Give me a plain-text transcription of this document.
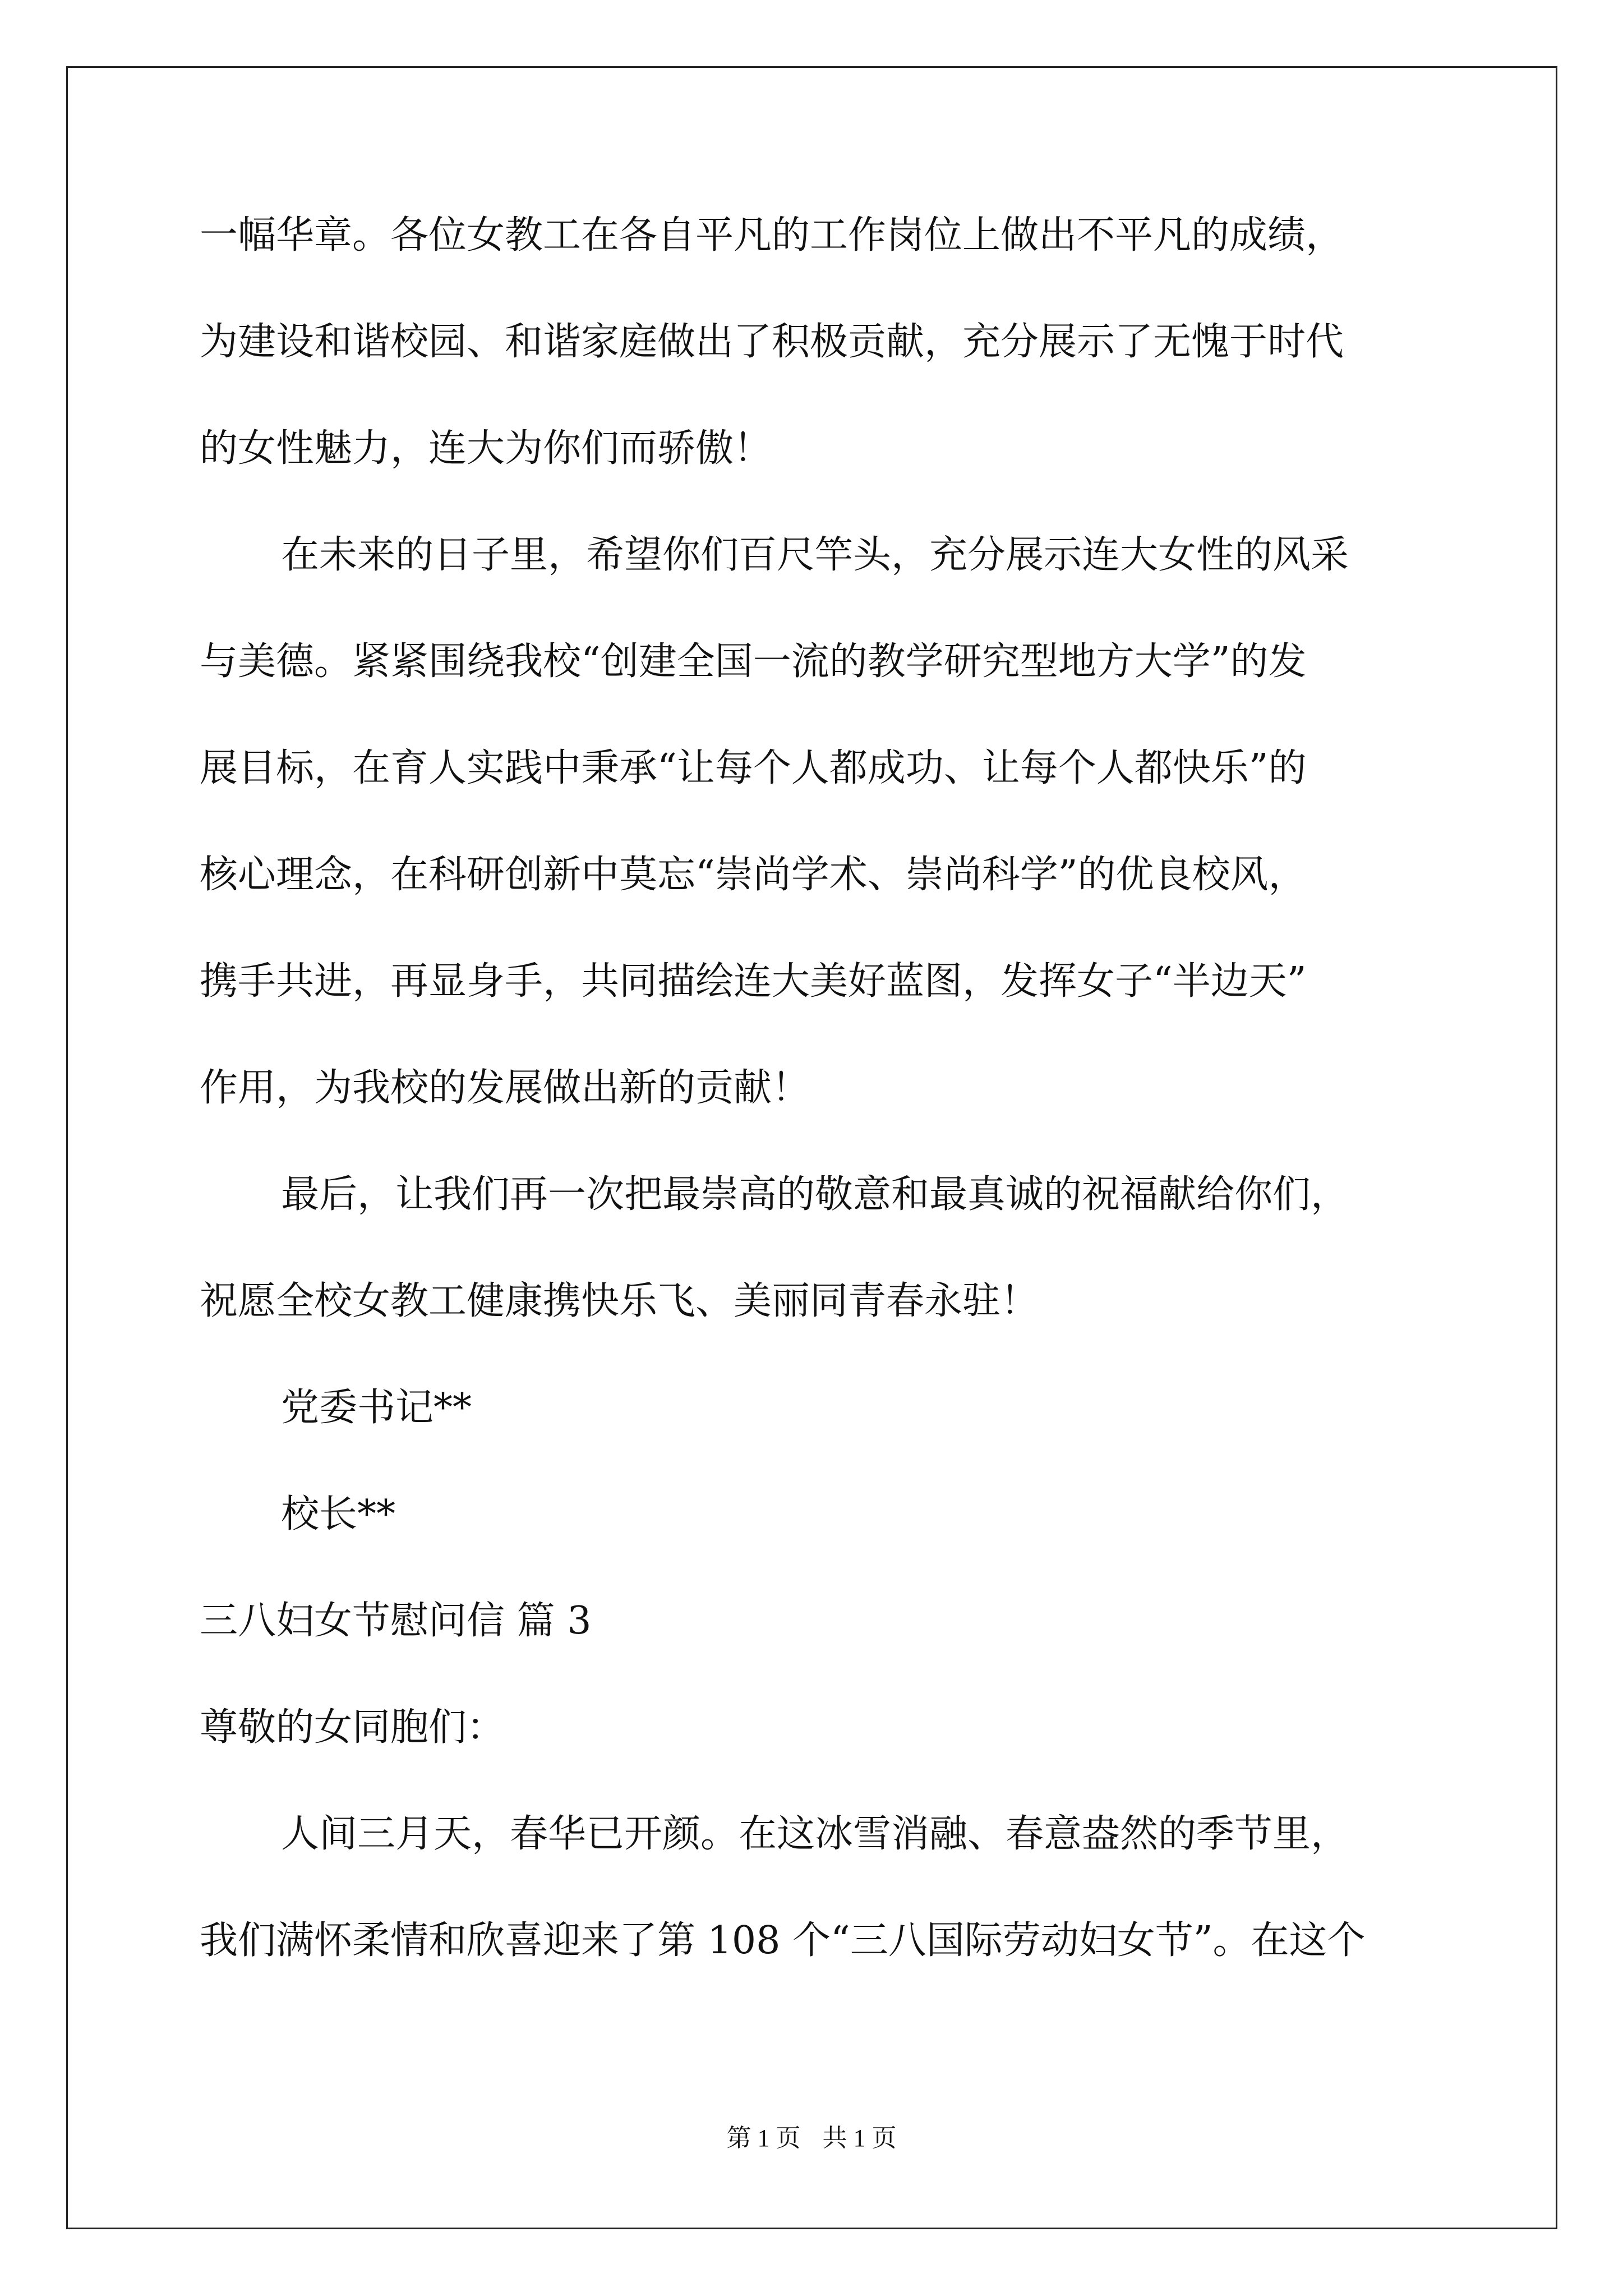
一幅华章。各位女教工在各自平凡的工作岗位上做出不平凡的成绩，
为建设和谐校园、和谐家庭做出了积极贡献，充分展示了无愧于时代
的女性魅力，连大为你们而骄傲！
在未来的日子里，希望你们百尺竿头，充分展示连大女性的风采
与美德。紧紧围绕我校“创建全国一流的教学研究型地方大学”的发
展目标，在育人实践中秉承“让每个人都成功、让每个人都快乐”的
核心理念，在科研创新中莫忘“崇尚学术、崇尚科学”的优良校风，
携手共进，再显身手，共同描绘连大美好蓝图，发挥女子“半边天”
作用，为我校的发展做出新的贡献！
最后，让我们再一次把最崇高的敬意和最真诚的祝福献给你们，
祝愿全校女教工健康携快乐飞、美丽同青春永驻！
党委书记**
校长**
三八妇女节慰问信 篇 3
尊敬的女同胞们：
人间三月天，春华已开颜。在这冰雪消融、春意盎然的季节里，
我们满怀柔情和欣喜迎来了第 108 个“三八国际劳动妇女节”。在这个
第 1 页 共 1 页
